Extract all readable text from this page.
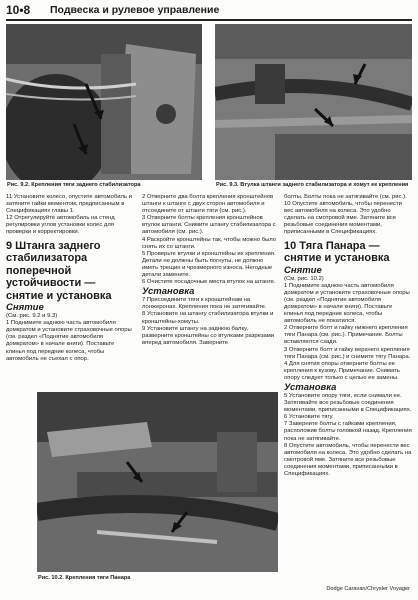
10•8 Подвеска и рулевое управление
Рис. 9.2. Крепления тяги заднего стабилизатора	Рис. 9.3. Втулка штанги заднего стабилизатора и хомут ее крепления
Рис. 10.2. Крепления тяги Панара

11 Установите колесо, опустите автомобиль и затяните гайки моментом, предписанным в Спецификациях главы 1.

12 Отрегулируйте автомобиль на стенд регулировки углов установки колес для проверки и корректировки.

9 Штанга заднего стабилизатора поперечной устойчивости — снятие и установка

Снятие

(См. рис. 9.2 и 9.3)

1 Поднимите заднюю часть автомобиля домкратом и установите страховочные опоры (см. раздел «Поднятие автомобиля домкратом» в начале книги). Поставьте клинья под передние колеса, чтобы автомобиль не съехал с опор.

2 Отверните два болта крепления кронштейнов штанги к штанге с двух сторон автомобиля и отсоедините от штанги тяги (см. рис.).

3 Отверните болты крепления кронштейнов втулок штанги. Снимите штангу стабилизатора с автомобиля (см. рис.).

4 Раскройте кронштейны так, чтобы можно было снять их со штанги.

5 Проверьте втулки и кронштейны их крепления. Детали не должны быть погнуты, не должно иметь трещин и чрезмерного износа. Негодные детали замените.

6 Очистите посадочные места втулок на штанге.

Установка

7 Присоедините тяги к кронштейнам на лонжеронах. Крепления пока не затягивайте.

8 Установите на штангу стабилизатора втулки и кронштейны-хомуты.

9 Установите штангу на заднюю балку, разверните кронштейны со втулками разрезами вперед автомобиля. Заверните

болты. Болты пока не затягивайте (см. рис.).

10 Опустите автомобиль, чтобы перенести вес автомобиля на колеса. Это удобно сделать на смотровой яме. Затяните все резьбовые соединения моментами, приписанными в Спецификациях.

10 Тяга Панара — снятие и установка

Снятие

(См. рис. 10.2)

1 Поднимите заднюю часть автомобиля домкратом и установите страховочные опоры (см. раздел «Поднятие автомобиля домкратом» в начале книги). Поставьте клинья под передние колеса, чтобы автомобиль не покатился.

2 Отверните болт и гайку нижнего крепления тяги Панара (см. рис.). Примечание. Болты вставляются сзади.

3 Отверните болт и гайку верхнего крепления тяги Панара (см. рис.) и снимите тягу Панара.

4 Для снятия опоры отверните болты ее крепления к кузову. Примечание. Снимать опору следует только с целью ее замены.

Установка

5 Установите опору тяги, если снимали ее. Затягивайте все резьбовые соединения моментами, приписанными в Спецификациях.

6 Установите тягу.

7 Заверните болты с гайками крепления, расположив болты головкой назад. Крепления пока не затягивайте.

8 Опустите автомобиль, чтобы перенести вес автомобиля на колеса. Это удобно сделать на смотровой яме. Затяните все резьбовые соединения моментами, приписанными в Спецификациях.

Dodge Caravan/Chrysler Voyager
